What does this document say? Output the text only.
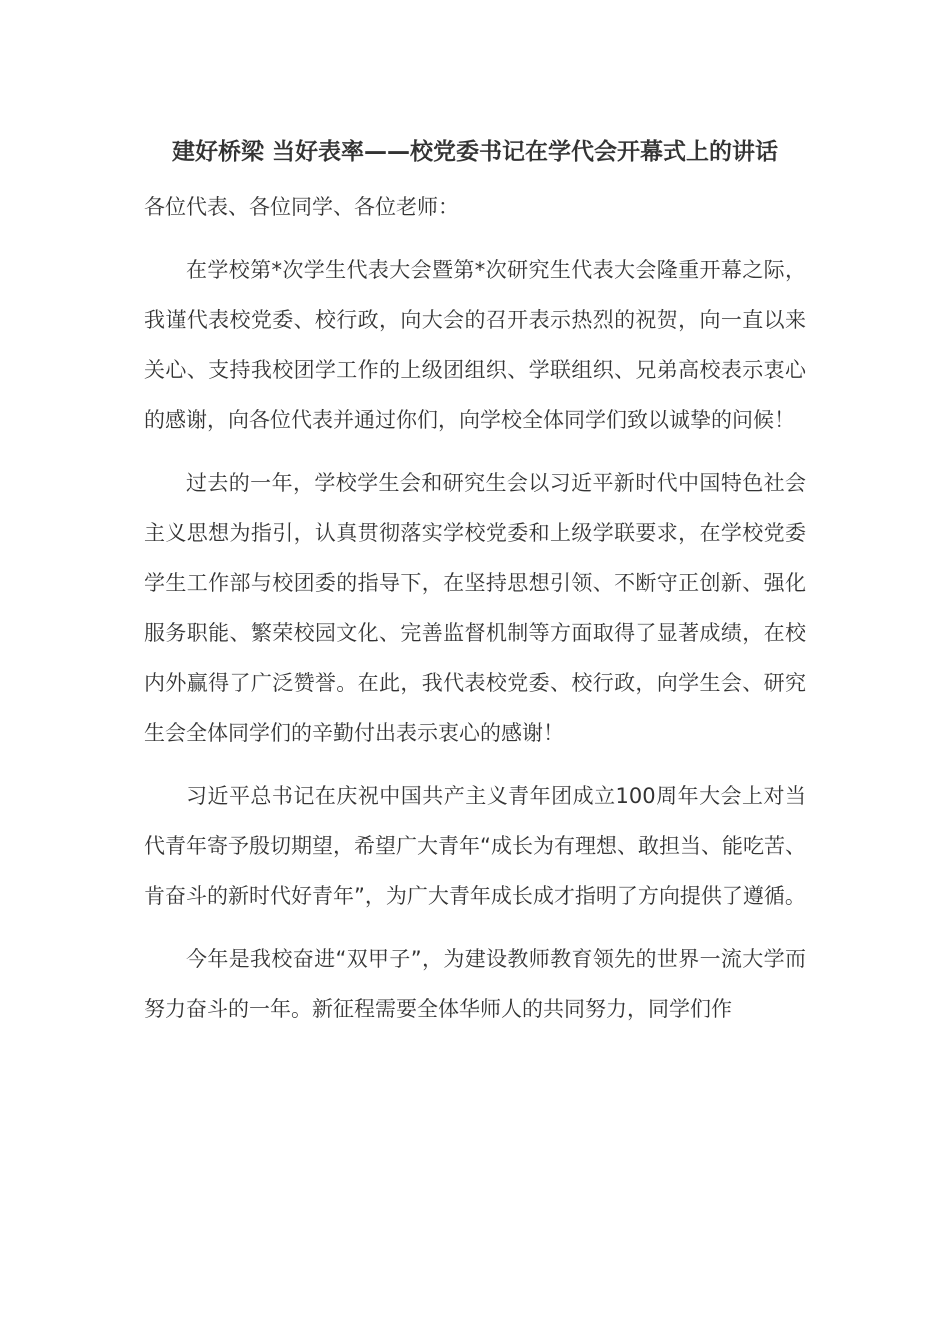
建好桥梁 当好表率——校党委书记在学代会开幕式上的讲话

各位代表、各位同学、各位老师：

在学校第*次学生代表大会暨第*次研究生代表大会隆重开幕之际，我谨代表校党委、校行政，向大会的召开表示热烈的祝贺，向一直以来关心、支持我校团学工作的上级团组织、学联组织、兄弟高校表示衷心的感谢，向各位代表并通过你们，向学校全体同学们致以诚挚的问候！

过去的一年，学校学生会和研究生会以习近平新时代中国特色社会主义思想为指引，认真贯彻落实学校党委和上级学联要求，在学校党委学生工作部与校团委的指导下，在坚持思想引领、不断守正创新、强化服务职能、繁荣校园文化、完善监督机制等方面取得了显著成绩，在校内外赢得了广泛赞誉。在此，我代表校党委、校行政，向学生会、研究生会全体同学们的辛勤付出表示衷心的感谢！

习近平总书记在庆祝中国共产主义青年团成立100周年大会上对当代青年寄予殷切期望，希望广大青年“成长为有理想、敢担当、能吃苦、肯奋斗的新时代好青年”，为广大青年成长成才指明了方向提供了遵循。

今年是我校奋进“双甲子”，为建设教师教育领先的世界一流大学而努力奋斗的一年。新征程需要全体华师人的共同努力，同学们作
